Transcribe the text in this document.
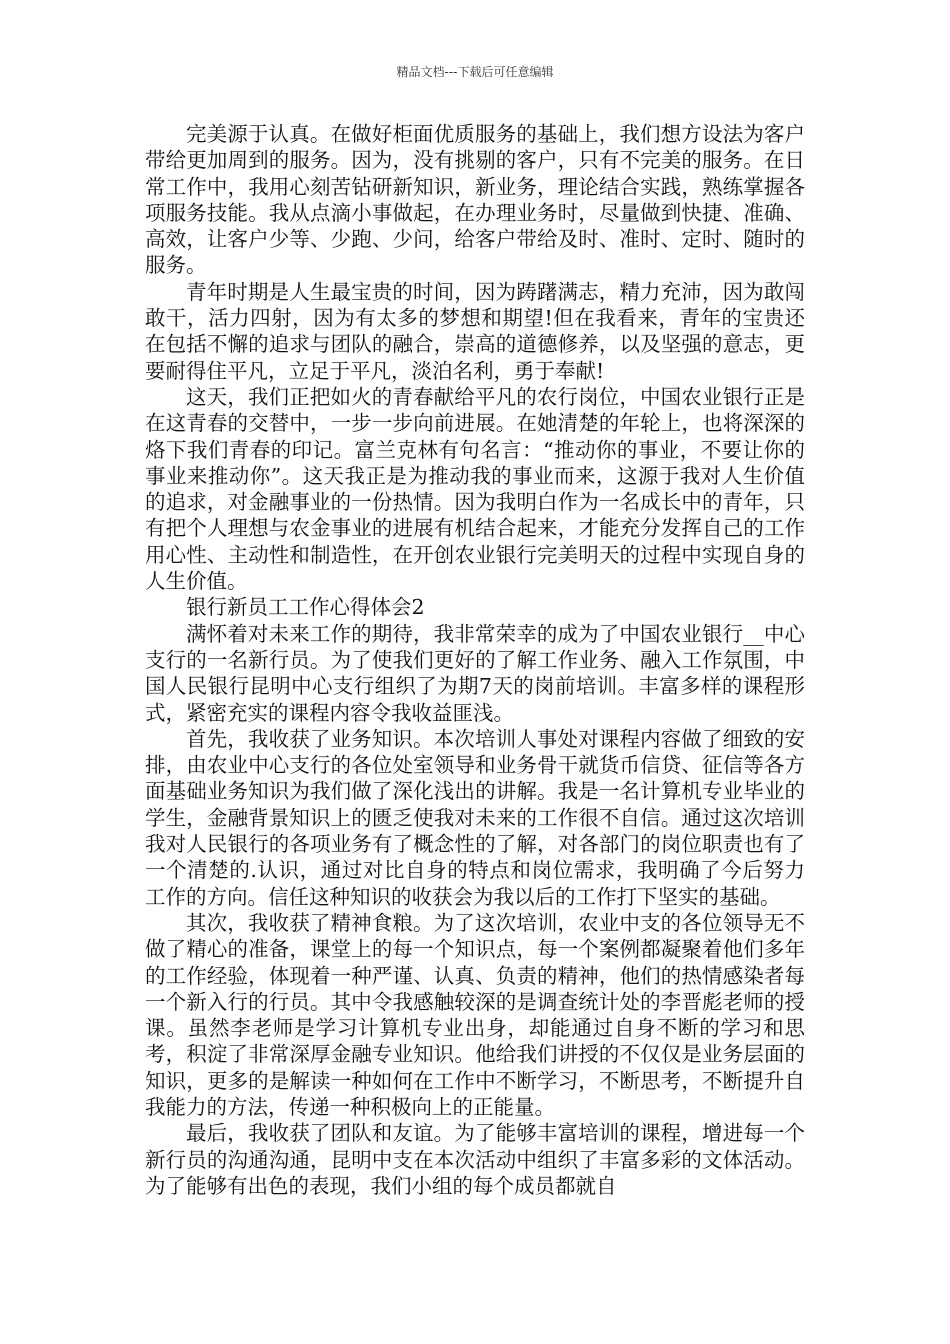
精品文档---下载后可任意编辑

完美源于认真。在做好柜面优质服务的基础上，我们想方设法为客户带给更加周到的服务。因为，没有挑剔的客户，只有不完美的服务。在日常工作中，我用心刻苦钻研新知识，新业务，理论结合实践，熟练掌握各项服务技能。我从点滴小事做起，在办理业务时，尽量做到快捷、准确、高效，让客户少等、少跑、少问，给客户带给及时、准时、定时、随时的服务。

青年时期是人生最宝贵的时间，因为踌躇满志，精力充沛，因为敢闯敢干，活力四射，因为有太多的梦想和期望!但在我看来，青年的宝贵还在包括不懈的追求与团队的融合，崇高的道德修养，以及坚强的意志，更要耐得住平凡，立足于平凡，淡泊名利，勇于奉献!

这天，我们正把如火的青春献给平凡的农行岗位，中国农业银行正是在这青春的交替中，一步一步向前进展。在她清楚的年轮上，也将深深的烙下我们青春的印记。富兰克林有句名言：“推动你的事业，不要让你的事业来推动你”。这天我正是为推动我的事业而来，这源于我对人生价值的追求，对金融事业的一份热情。因为我明白作为一名成长中的青年，只有把个人理想与农金事业的进展有机结合起来，才能充分发挥自己的工作用心性、主动性和制造性，在开创农业银行完美明天的过程中实现自身的人生价值。

银行新员工工作心得体会2

满怀着对未来工作的期待，我非常荣幸的成为了中国农业银行__中心支行的一名新行员。为了使我们更好的了解工作业务、融入工作氛围，中国人民银行昆明中心支行组织了为期7天的岗前培训。丰富多样的课程形式，紧密充实的课程内容令我收益匪浅。

首先，我收获了业务知识。本次培训人事处对课程内容做了细致的安排，由农业中心支行的各位处室领导和业务骨干就货币信贷、征信等各方面基础业务知识为我们做了深化浅出的讲解。我是一名计算机专业毕业的学生，金融背景知识上的匮乏使我对未来的工作很不自信。通过这次培训我对人民银行的各项业务有了概念性的了解，对各部门的岗位职责也有了一个清楚的.认识，通过对比自身的特点和岗位需求，我明确了今后努力工作的方向。信任这种知识的收获会为我以后的工作打下坚实的基础。

其次，我收获了精神食粮。为了这次培训，农业中支的各位领导无不做了精心的准备，课堂上的每一个知识点，每一个案例都凝聚着他们多年的工作经验，体现着一种严谨、认真、负责的精神，他们的热情感染者每一个新入行的行员。其中令我感触较深的是调查统计处的李晋彪老师的授课。虽然李老师是学习计算机专业出身，却能通过自身不断的学习和思考，积淀了非常深厚金融专业知识。他给我们讲授的不仅仅是业务层面的知识，更多的是解读一种如何在工作中不断学习，不断思考，不断提升自我能力的方法，传递一种积极向上的正能量。

最后，我收获了团队和友谊。为了能够丰富培训的课程，增进每一个新行员的沟通沟通，昆明中支在本次活动中组织了丰富多彩的文体活动。为了能够有出色的表现，我们小组的每个成员都就自
